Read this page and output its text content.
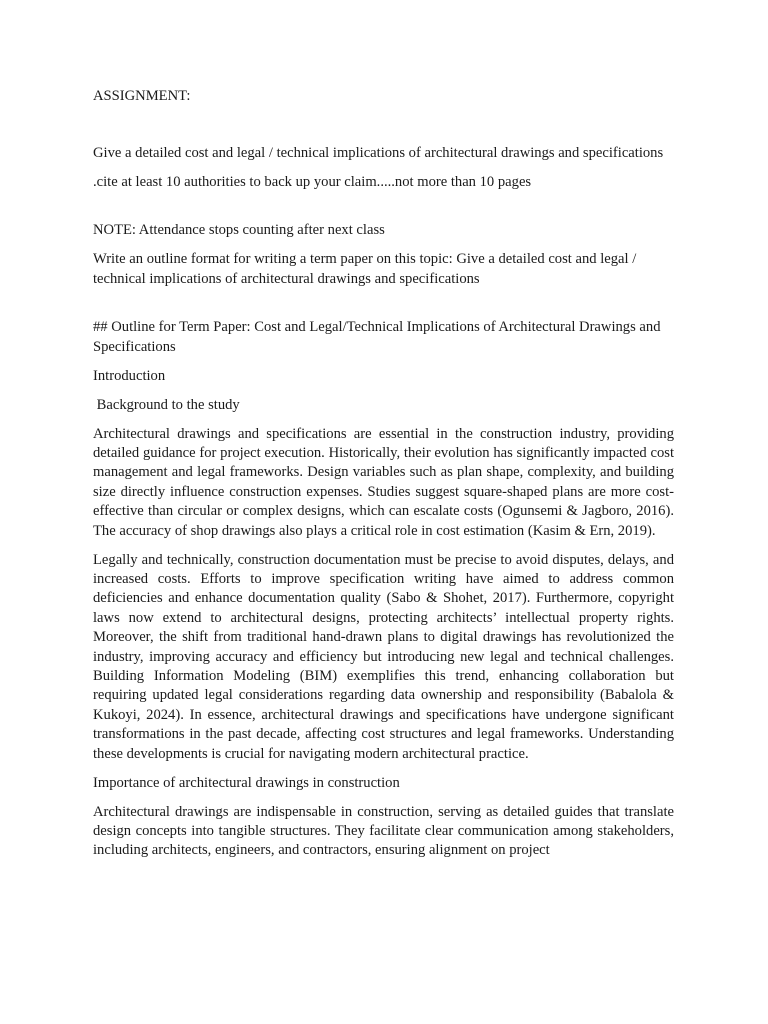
ASSIGNMENT:

Give a detailed cost and legal / technical implications of architectural drawings and specifications

.cite at least 10 authorities to back up your claim.....not more than 10 pages

NOTE: Attendance stops counting after next class

Write an outline format for writing a term paper on this topic: Give a detailed cost and legal / technical implications of architectural drawings and specifications

## Outline for Term Paper: Cost and Legal/Technical Implications of Architectural Drawings and Specifications

Introduction

Background to the study

Architectural drawings and specifications are essential in the construction industry, providing detailed guidance for project execution. Historically, their evolution has significantly impacted cost management and legal frameworks. Design variables such as plan shape, complexity, and building size directly influence construction expenses. Studies suggest square-shaped plans are more cost-effective than circular or complex designs, which can escalate costs (Ogunsemi & Jagboro, 2016). The accuracy of shop drawings also plays a critical role in cost estimation (Kasim & Ern, 2019).

Legally and technically, construction documentation must be precise to avoid disputes, delays, and increased costs. Efforts to improve specification writing have aimed to address common deficiencies and enhance documentation quality (Sabo & Shohet, 2017). Furthermore, copyright laws now extend to architectural designs, protecting architects’ intellectual property rights. Moreover, the shift from traditional hand-drawn plans to digital drawings has revolutionized the industry, improving accuracy and efficiency but introducing new legal and technical challenges. Building Information Modeling (BIM) exemplifies this trend, enhancing collaboration but requiring updated legal considerations regarding data ownership and responsibility (Babalola & Kukoyi, 2024). In essence, architectural drawings and specifications have undergone significant transformations in the past decade, affecting cost structures and legal frameworks. Understanding these developments is crucial for navigating modern architectural practice.

Importance of architectural drawings in construction

Architectural drawings are indispensable in construction, serving as detailed guides that translate design concepts into tangible structures. They facilitate clear communication among stakeholders, including architects, engineers, and contractors, ensuring alignment on project
